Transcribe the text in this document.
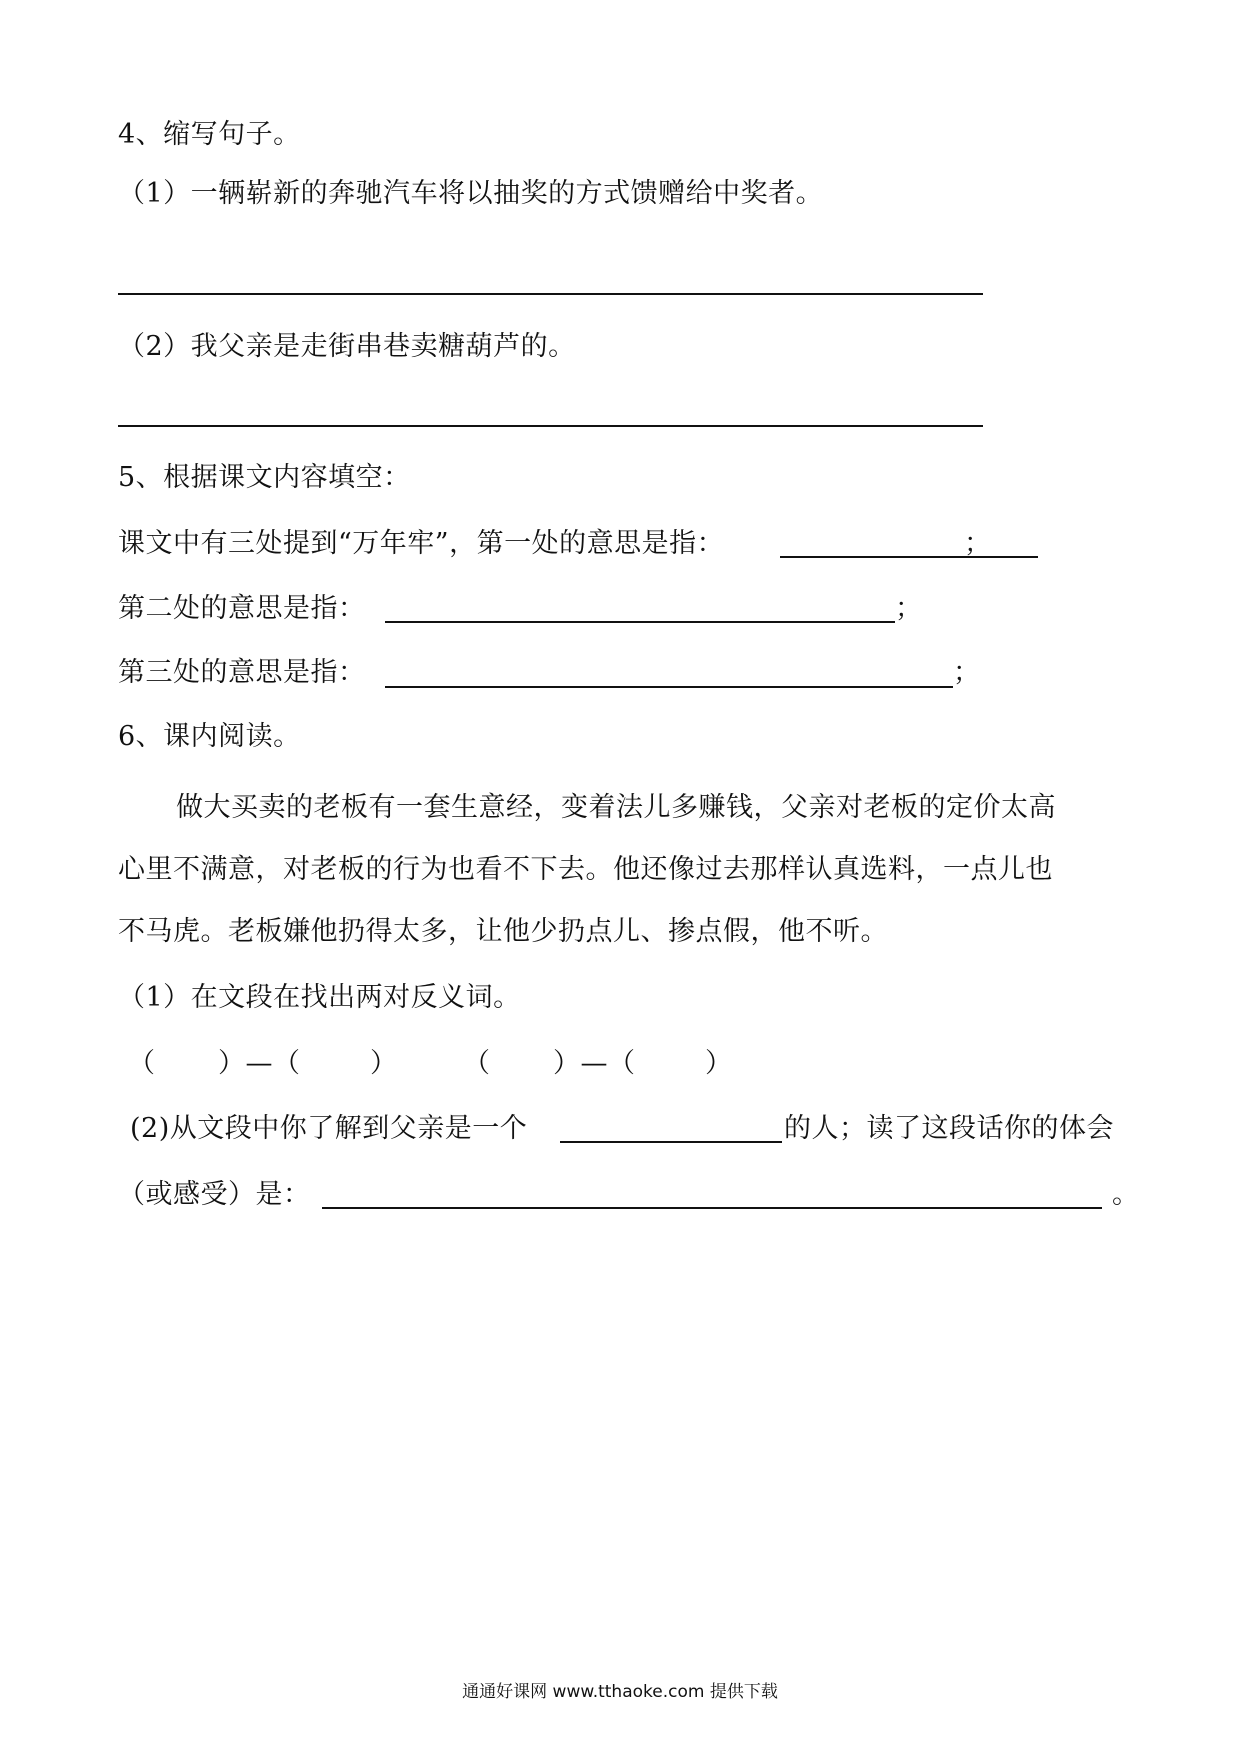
4、缩写句子。
（1）一辆崭新的奔驰汽车将以抽奖的方式馈赠给中奖者。
（2）我父亲是走街串巷卖糖葫芦的。
5、根据课文内容填空：
课文中有三处提到“万年牢”，第一处的意思是指：	；
第二处的意思是指：	；
第三处的意思是指：	；
6、课内阅读。
做大买卖的老板有一套生意经，变着法儿多赚钱，父亲对老板的定价太高
心里不满意，对老板的行为也看不下去。他还像过去那样认真选料，一点儿也
不马虎。老板嫌他扔得太多，让他少扔点儿、掺点假，他不听。
（1）在文段在找出两对反义词。
（ ）—（	） （ ）—（	）
(2)从文段中你了解到父亲是一个	的人；读了这段话你的体会
（或感受）是：	。
通通好课网 www.tthaoke.com 提供下载
